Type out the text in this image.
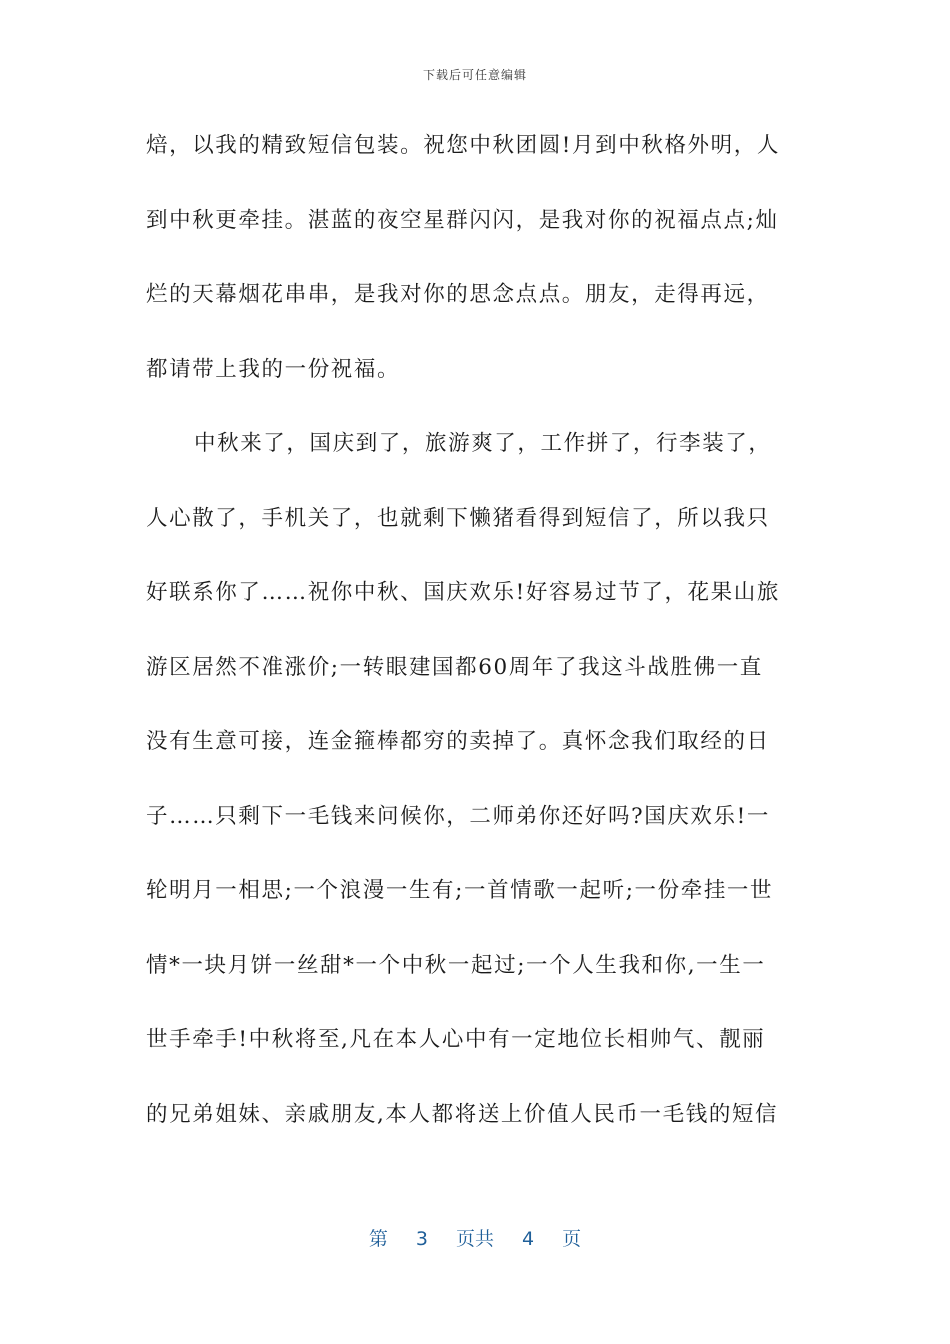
下载后可任意编辑
焙，以我的精致短信包装。祝您中秋团圆!月到中秋格外明，人
到中秋更牵挂。湛蓝的夜空星群闪闪，是我对你的祝福点点;灿
烂的天幕烟花串串，是我对你的思念点点。朋友，走得再远，
都请带上我的一份祝福。
中秋来了，国庆到了，旅游爽了，工作拼了，行李装了，
人心散了，手机关了，也就剩下懒猪看得到短信了，所以我只
好联系你了……祝你中秋、国庆欢乐!好容易过节了，花果山旅
游区居然不准涨价;一转眼建国都60周年了我这斗战胜佛一直
没有生意可接，连金箍棒都穷的卖掉了。真怀念我们取经的日
子……只剩下一毛钱来问候你，二师弟你还好吗?国庆欢乐!一
轮明月一相思;一个浪漫一生有;一首情歌一起听;一份牵挂一世
情*一块月饼一丝甜*一个中秋一起过;一个人生我和你,一生一
世手牵手!中秋将至,凡在本人心中有一定地位长相帅气、靓丽
的兄弟姐妹、亲戚朋友,本人都将送上价值人民币一毛钱的短信
第 3 页共 4 页
